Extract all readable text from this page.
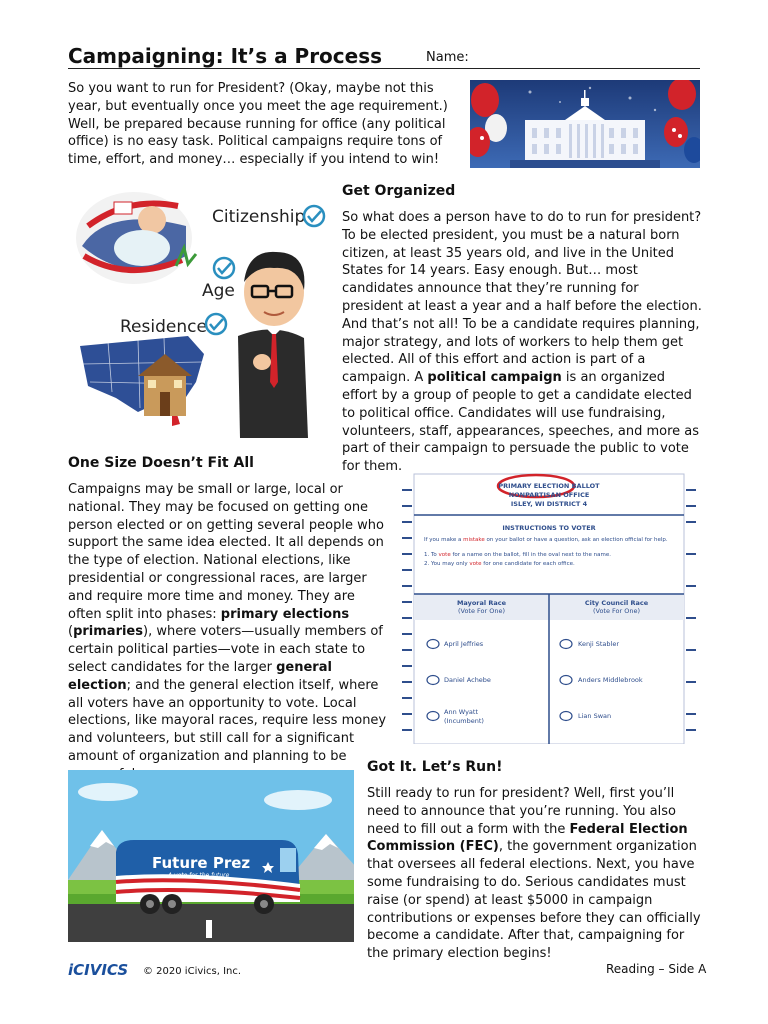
Campaigning: It’s a Process	Name:

So you want to run for President? (Okay, maybe not this year, but eventually once you meet the age requirement.) Well, be prepared because running for office (any political office) is no easy task. Political campaigns require tons of time, effort, and money… especially if you intend to win!

Citizenship
Age
Residence
Get Organized

So what does a person have to do to run for president? To be elected president, you must be a natural born citizen, at least 35 years old, and live in the United States for 14 years. Easy enough. But… most candidates announce that they’re running for president at least a year and a half before the election. And that’s not all! To be a candidate requires planning, major strategy, and lots of workers to help them get elected. All of this effort and action is part of a campaign. A political campaign is an organized effort by a group of people to get a candidate elected to political office. Candidates will use fundraising, volunteers, staff, appearances, speeches, and more as part of their campaign to persuade the public to vote for them.

One Size Doesn’t Fit All

Campaigns may be small or large, local or national. They may be focused on getting one person elected or on getting several people who support the same idea elected. It all depends on the type of election. National elections, like presidential or congressional races, are larger and require more time and money. They are often split into phases: primary elections (primaries), where voters—usually members of certain political parties—vote in each state to select candidates for the larger general election; and the general election itself, where all voters have an opportunity to vote. Local elections, like mayoral races, require less money and volunteers, but still call for a significant amount of organization and planning to be

PRIMARY ELECTION BALLOT
NONPARTISAN OFFICE
ISLEY, WI DISTRICT 4
INSTRUCTIONS TO VOTER
If you make a mistake on your ballot or have a question, ask an election official for help.
1. To vote for a name on the ballot, fill in the oval next to the name.
2. You may only vote for one candidate for each office.
Mayoral Race
(Vote For One)
City Council Race
(Vote For One)
April Jeffries
Daniel Achebe
Ann Wyatt
(Incumbent)
Kenji Stabler
Anders Middlebrook
Lian Swan
Future Prez
A vote for the future
Got It. Let’s Run!

Still ready to run for president? Well, first you’ll need to announce that you’re running. You also need to fill out a form with the Federal Election Commission (FEC), the government organization that oversees all federal elections. Next, you have some fundraising to do. Serious candidates must raise (or spend) at least $5000 in campaign contributions or expenses before they can officially become a candidate. After that, campaigning for the primary election begins!

iCIVICS © 2020 iCivics, Inc.	Reading – Side A
